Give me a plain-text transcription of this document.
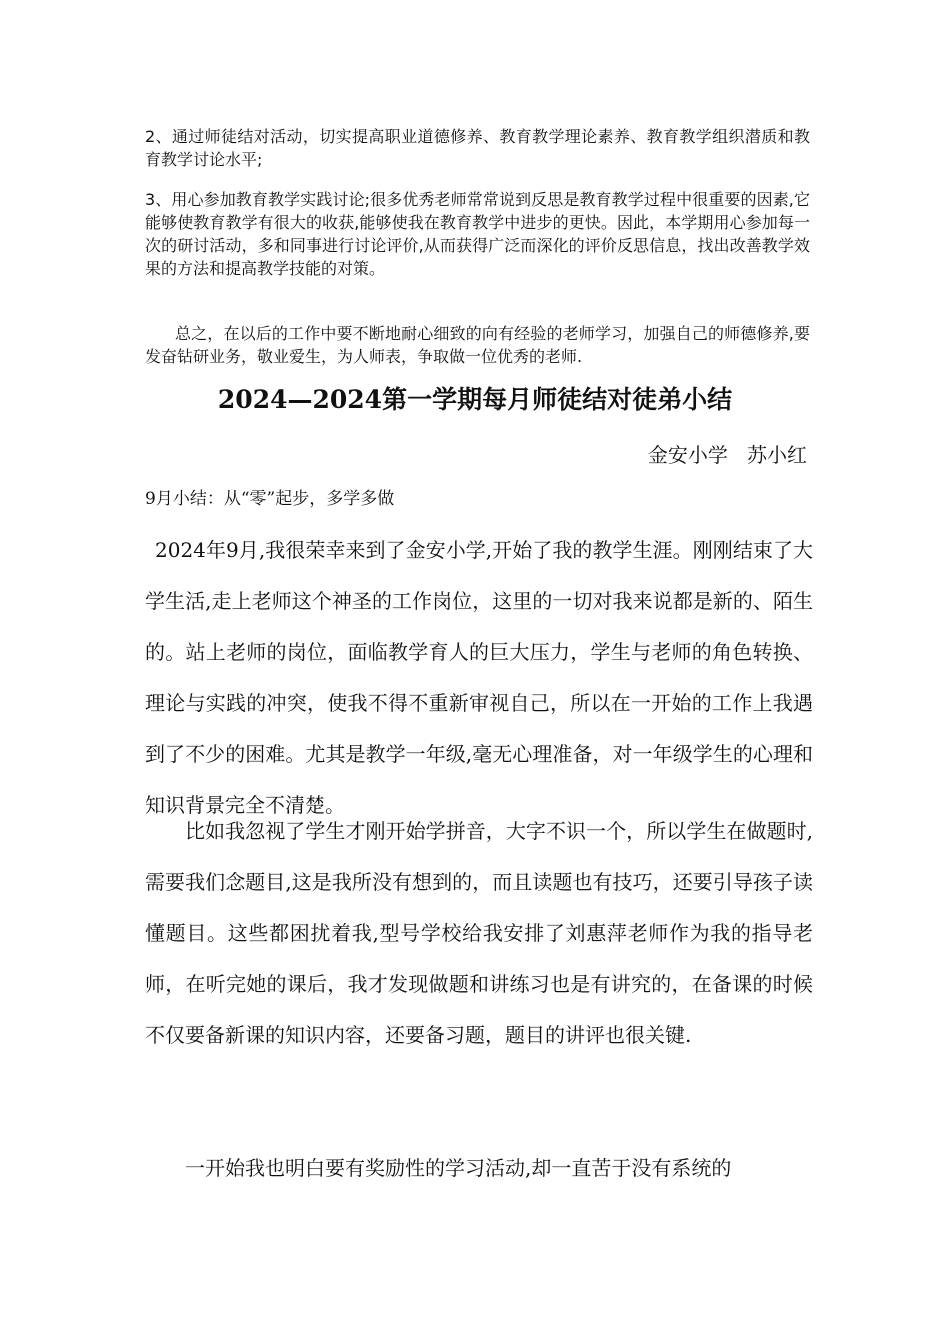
2、通过师徒结对活动，切实提高职业道德修养、教育教学理论素养、教育教学组织潜质和教育教学讨论水平;

3、用心参加教育教学实践讨论;很多优秀老师常常说到反思是教育教学过程中很重要的因素,它能够使教育教学有很大的收获,能够使我在教育教学中进步的更快。因此，本学期用心参加每一次的研讨活动，多和同事进行讨论评价,从而获得广泛而深化的评价反思信息，找出改善教学效果的方法和提高教学技能的对策。

总之，在以后的工作中要不断地耐心细致的向有经验的老师学习，加强自己的师德修养,要发奋钻研业务，敬业爱生，为人师表，争取做一位优秀的老师.

2024—2024第一学期每月师徒结对徒弟小结

金安小学   苏小红

9月小结：从“零”起步，多学多做

2024年9月,我很荣幸来到了金安小学,开始了我的教学生涯。刚刚结束了大学生活,走上老师这个神圣的工作岗位，这里的一切对我来说都是新的、陌生的。站上老师的岗位，面临教学育人的巨大压力，学生与老师的角色转换、理论与实践的冲突，使我不得不重新审视自己，所以在一开始的工作上我遇到了不少的困难。尤其是教学一年级,毫无心理准备，对一年级学生的心理和知识背景完全不清楚。

比如我忽视了学生才刚开始学拼音，大字不识一个，所以学生在做题时,需要我们念题目,这是我所没有想到的，而且读题也有技巧，还要引导孩子读懂题目。这些都困扰着我,型号学校给我安排了刘惠萍老师作为我的指导老师，在听完她的课后，我才发现做题和讲练习也是有讲究的，在备课的时候不仅要备新课的知识内容，还要备习题，题目的讲评也很关键.

一开始我也明白要有奖励性的学习活动,却一直苦于没有系统的
